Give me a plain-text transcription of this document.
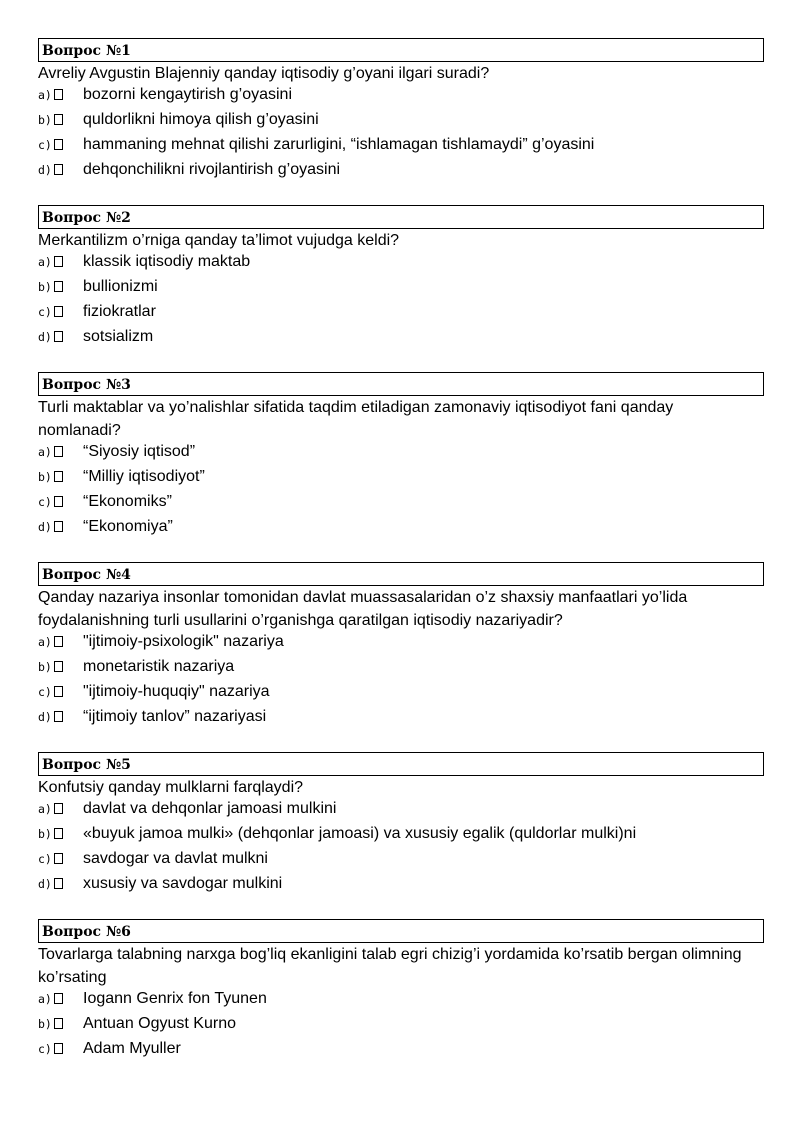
Вопрос №1
Avreliy Avgustin Blajenniy qanday iqtisodiy g’oyani ilgari suradi?
a)	bozorni kengaytirish g’oyasini
b)	quldorlikni himoya qilish g’oyasini
c)	hammaning mehnat qilishi zarurligini, “ishlamagan tishlamaydi” g’oyasini
d)	dehqonchilikni rivojlantirish g’oyasini
Вопрос №2
Merkantilizm o’rniga qanday ta’limot vujudga keldi?
a)	klassik iqtisodiy maktab
b)	bullionizmi
c)	fiziokratlar
d)	sotsializm
Вопрос №3
Turli maktablar va yo’nalishlar sifatida taqdim etiladigan zamonaviy iqtisodiyot fani qanday nomlanadi?
a)	“Siyosiy iqtisod”
b)	“Milliy iqtisodiyot”
c)	“Ekonomiks”
d)	“Ekonomiya”
Вопрос №4
Qanday nazariya insonlar tomonidan davlat muassasalaridan o’z shaxsiy manfaatlari yo’lida foydalanishning turli usullarini o’rganishga qaratilgan iqtisodiy nazariyadir?
a)	"ijtimoiy-psixologik" nazariya
b)	monetaristik nazariya
c)	"ijtimoiy-huquqiy" nazariya
d)	“ijtimoiy tanlov” nazariyasi
Вопрос №5
Konfutsiy qanday mulklarni farqlaydi?
a)	davlat va dehqonlar jamoasi mulkini
b)	«buyuk jamoa mulki» (dehqonlar jamoasi) va xususiy egalik (quldorlar mulki)ni
c)	savdogar va davlat mulkni
d)	xususiy va savdogar mulkini
Вопрос №6
Tovarlarga talabning narxga bog’liq ekanligini talab egri chizig’i yordamida ko’rsatib bergan olimning ko’rsating
a)	Iogann Genrix fon Tyunen
b)	Antuan Ogyust Kurno
c)	Adam Myuller
